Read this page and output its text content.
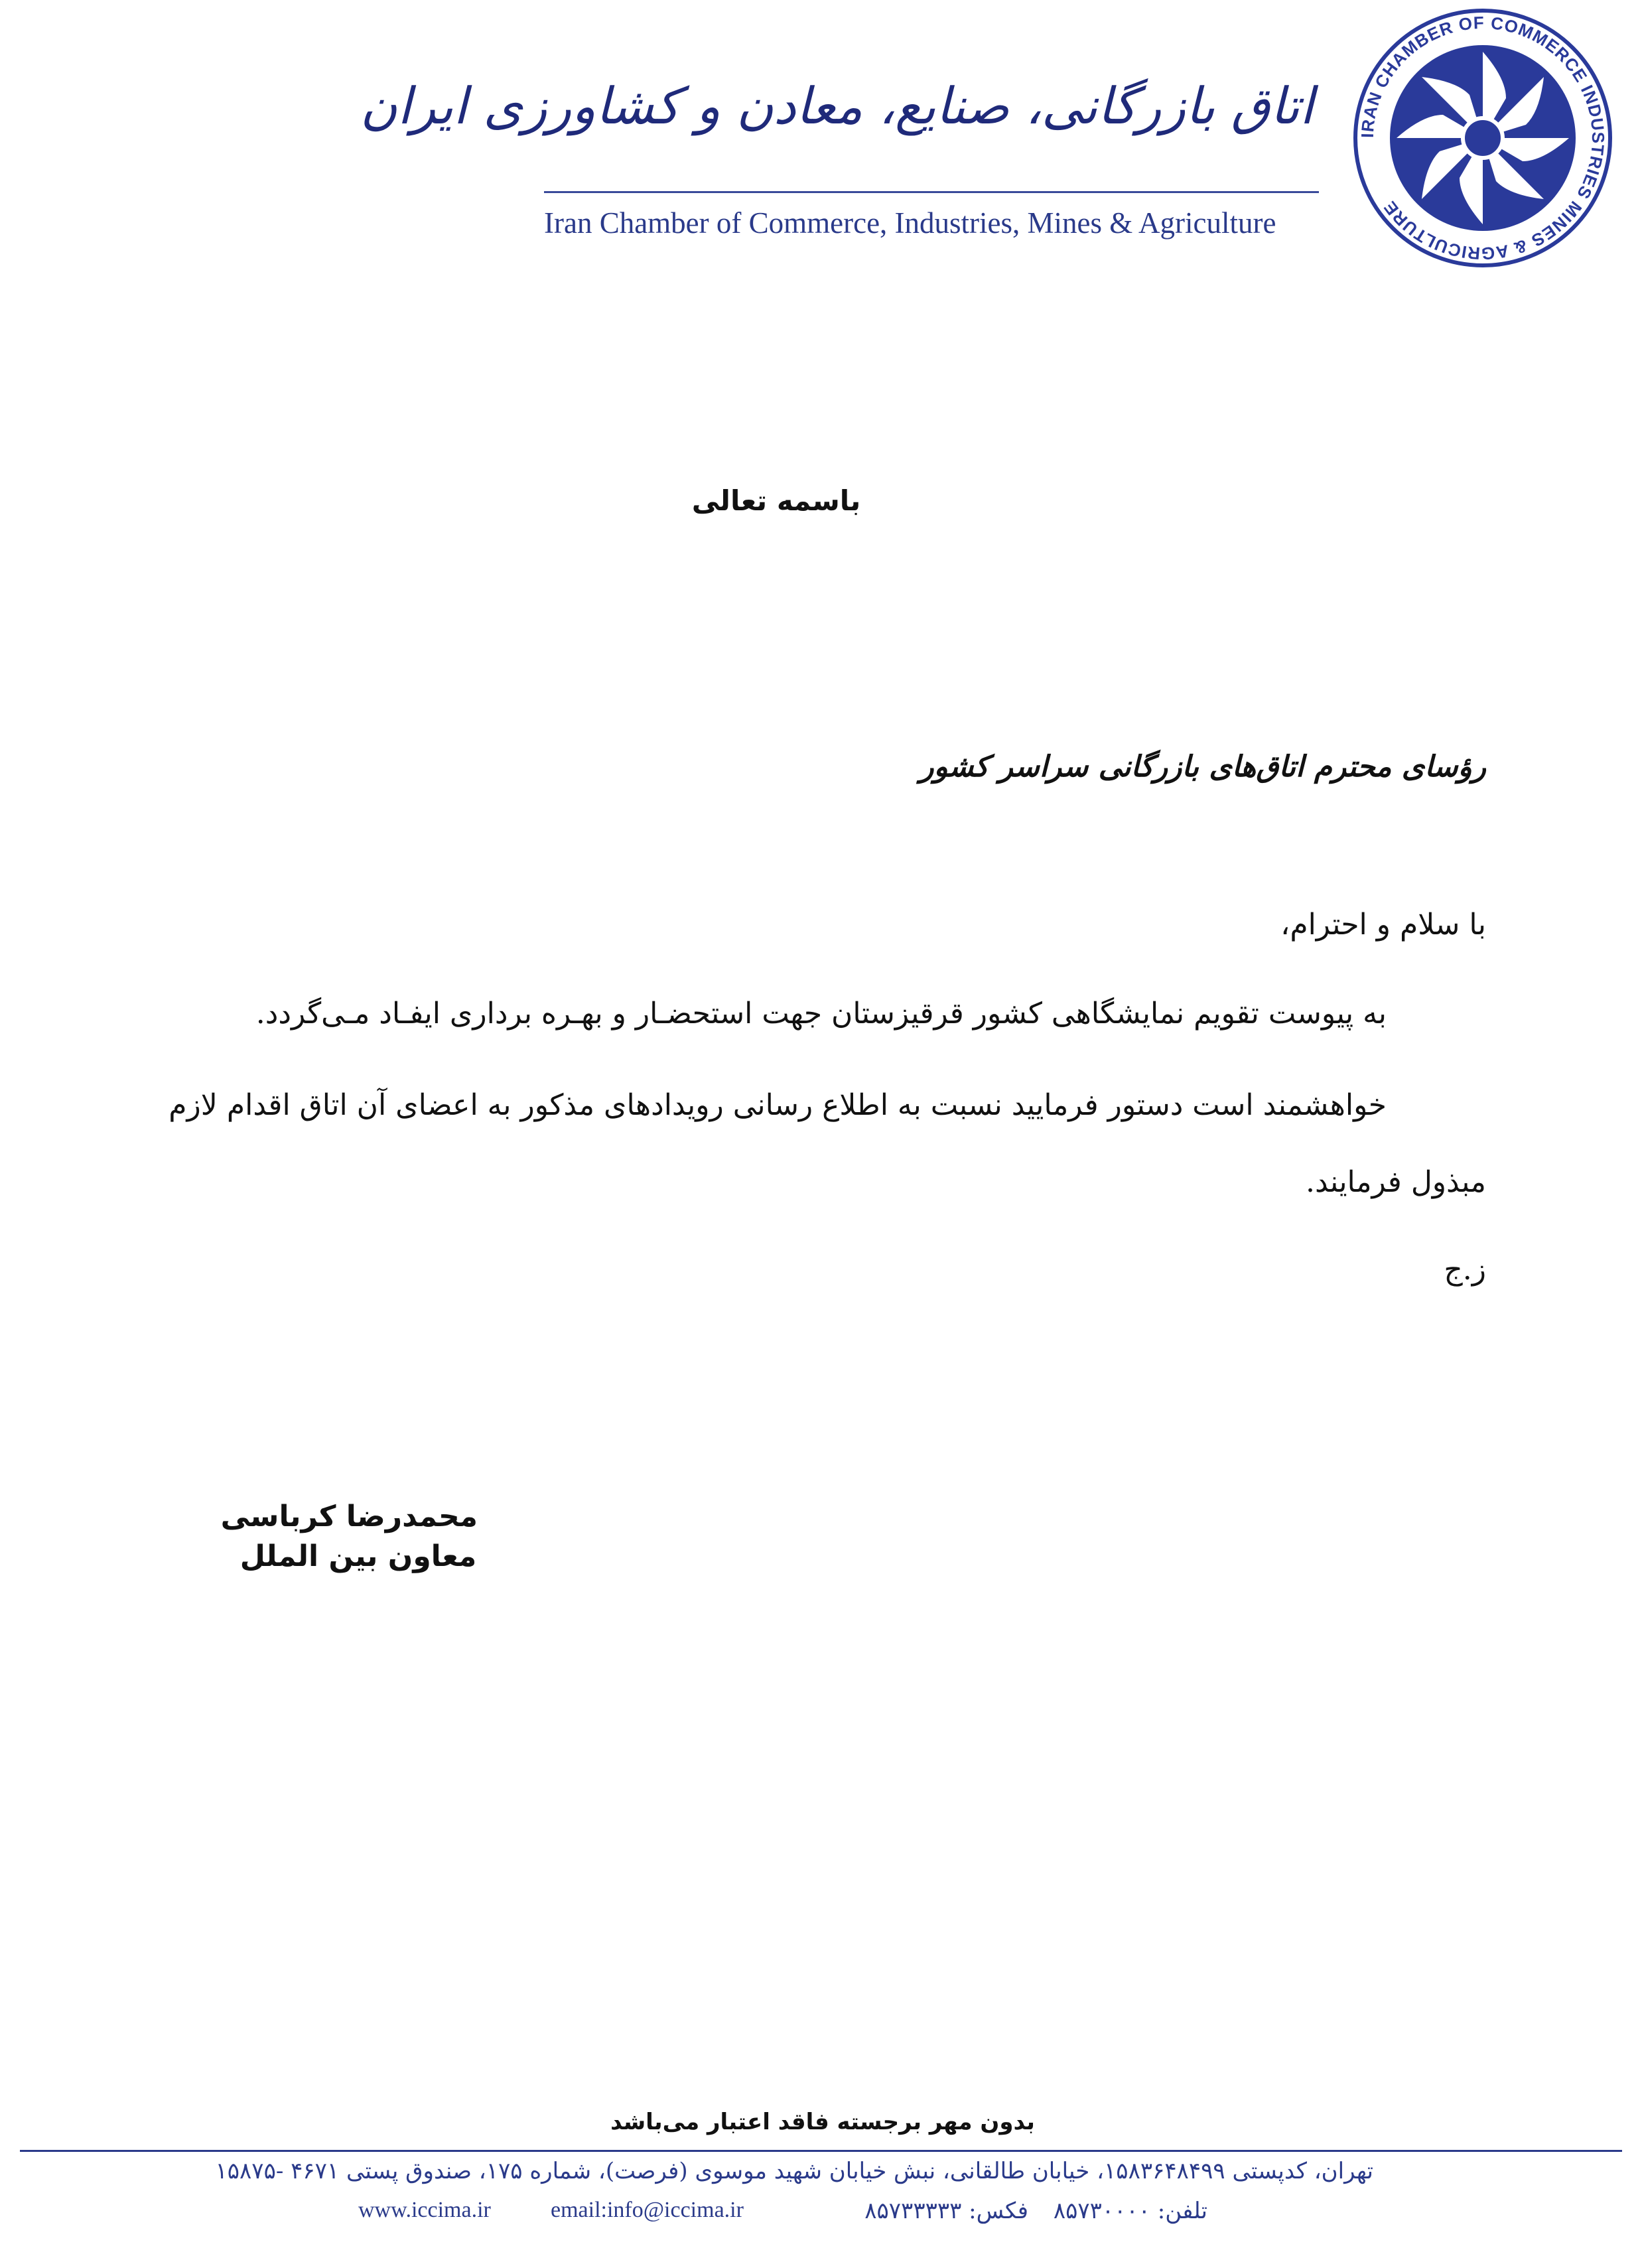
IRAN CHAMBER OF COMMERCE INDUSTRIES MINES & AGRICULTURE
اتاق بازرگانی، صنایع، معادن و کشاورزی ایران
Iran Chamber of Commerce, Industries, Mines & Agriculture
باسمه تعالی
رؤسای محترم اتاق‌های بازرگانی سراسر کشور
با سلام و احترام،
به پیوست تقویم نمایشگاهی کشور قرقیزستان جهت استحضـار و بهـره برداری ایفـاد مـی‌گردد.
خواهشمند است دستور فرمایید نسبت به اطلاع رسانی رویدادهای مذکور به اعضای آن اتاق اقدام لازم
مبذول فرمایند.
ز.ج
محمدرضا کرباسی
معاون بین الملل
بدون مهر برجسته فاقد اعتبار می‌باشد
تهران، کدپستی ۱۵۸۳۶۴۸۴۹۹، خیابان طالقانی، نبش خیابان شهید موسوی (فرصت)، شماره ۱۷۵، صندوق پستی ۴۶۷۱ -۱۵۸۷۵
تلفن: ۸۵۷۳۰۰۰۰
فکس: ۸۵۷۳۳۳۳۳
email:info@iccima.ir
www.iccima.ir
